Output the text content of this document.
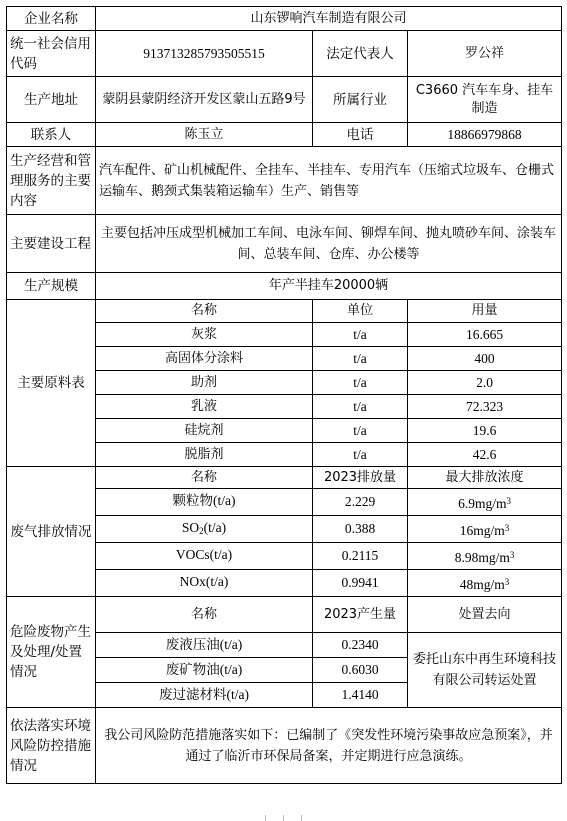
企业名称	山东锣响汽车制造有限公司		
统一社会信用代码	913713285793505515	法定代表人	罗公祥
生产地址	蒙阴县蒙阴经济开发区蒙山五路9号	所属行业	C3660 汽车车身、挂车制造
联系人	陈玉立	电话	18866979868
生产经营和管理服务的主要内容	汽车配件、矿山机械配件、全挂车、半挂车、专用汽车（压缩式垃圾车、仓栅式运输车、鹅颈式集装箱运输车）生产、销售等		
主要建设工程	主要包括冲压成型机械加工车间、电泳车间、铆焊车间、抛丸喷砂车间、涂装车间、总装车间、仓库、办公楼等		
生产规模	年产半挂车20000辆		
主要原料表	名称	单位	用量
	灰浆	t/a	16.665
	高固体分涂料	t/a	400
	助剂	t/a	2.0
	乳液	t/a	72.323
	硅烷剂	t/a	19.6
	脱脂剂	t/a	42.6
废气排放情况	名称	2023排放量	最大排放浓度
	颗粒物(t/a)	2.229	$6.9mg/m^3$
	$SO_2(t/a)$	0.388	$16mg/m^3$
	VOCs(t/a)	0.2115	$8.98mg/m^3$
	NOx(t/a)	0.9941	$48mg/m^3$
危险废物产生及处理/处置情况	名称	2023产生量	处置去向
	废液压油(t/a)	0.2340	委托山东中再生环境科技有限公司转运处置
	废矿物油(t/a)	0.6030	
	废过滤材料(t/a)	1.4140	
依法落实环境风险防控措施情况	我公司风险防范措施落实如下：已编制了《突发性环境污染事故应急预案》，并通过了临沂市环保局备案，并定期进行应急演练。		
